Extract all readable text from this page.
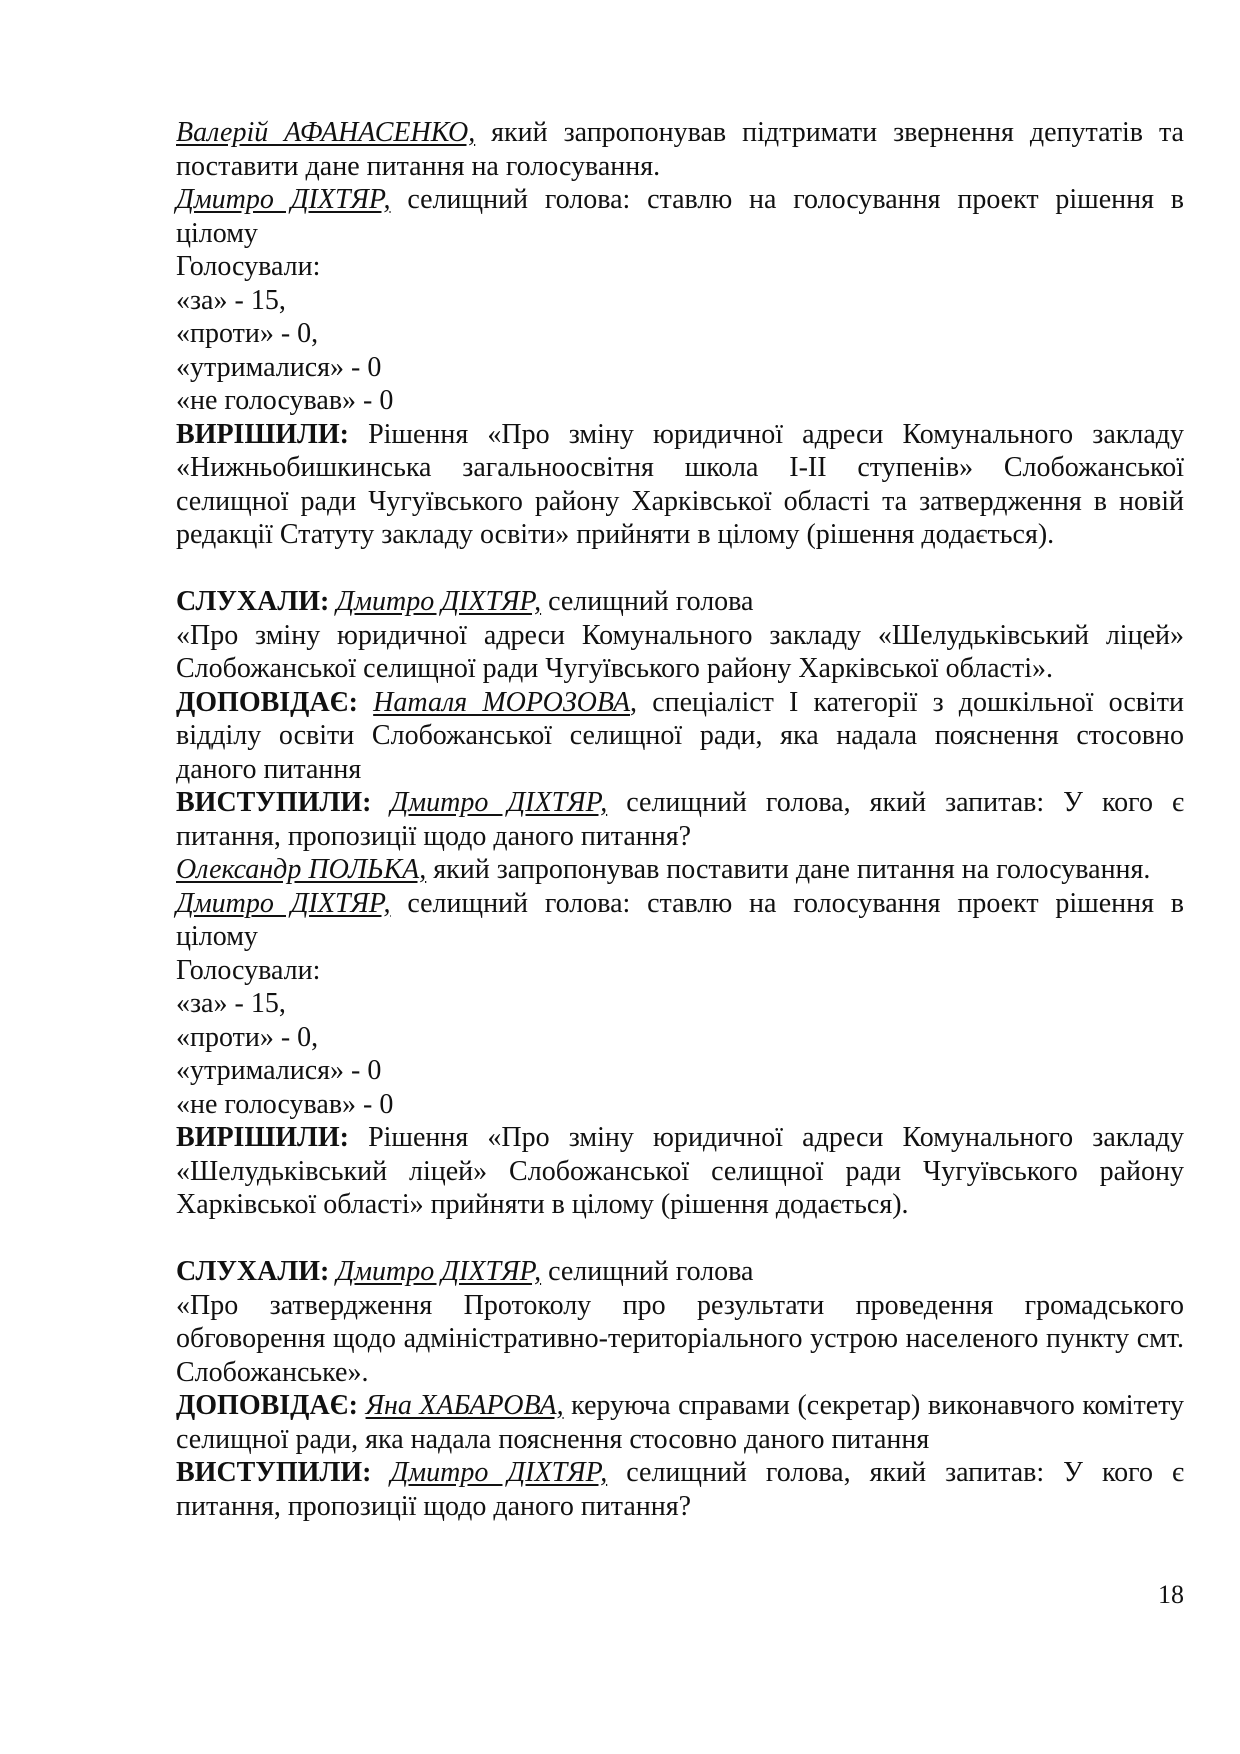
Валерій АФАНАСЕНКО, який запропонував підтримати звернення депутатів та поставити дане питання на голосування.

Дмитро ДІХТЯР, селищний голова: ставлю на голосування проект рішення в цілому

Голосували:

«за» - 15,

«проти» - 0,

«утрималися» - 0

«не голосував» - 0

ВИРІШИЛИ: Рішення «Про зміну юридичної адреси Комунального закладу «Нижньобишкинська загальноосвітня школа І-ІІ ступенів» Слобожанської селищної ради Чугуївського району Харківської області та затвердження в новій редакції Статуту закладу освіти» прийняти в цілому (рішення додається).

СЛУХАЛИ: Дмитро ДІХТЯР, селищний голова

«Про зміну юридичної адреси Комунального закладу «Шелудьківський ліцей» Слобожанської селищної ради Чугуївського району Харківської області».

ДОПОВІДАЄ: Наталя МОРОЗОВА, спеціаліст І категорії з дошкільної освіти відділу освіти Слобожанської селищної ради, яка надала пояснення стосовно даного питання

ВИСТУПИЛИ: Дмитро ДІХТЯР, селищний голова, який запитав: У кого є питання, пропозиції щодо даного питання?

Олександр ПОЛЬКА, який запропонував поставити дане питання на голосування.

Дмитро ДІХТЯР, селищний голова: ставлю на голосування проект рішення в цілому

Голосували:

«за» - 15,

«проти» - 0,

«утрималися» - 0

«не голосував» - 0

ВИРІШИЛИ: Рішення «Про зміну юридичної адреси Комунального закладу «Шелудьківський ліцей» Слобожанської селищної ради Чугуївського району Харківської області» прийняти в цілому (рішення додається).

СЛУХАЛИ: Дмитро ДІХТЯР, селищний голова

«Про затвердження Протоколу про результати проведення громадського обговорення щодо адміністративно-територіального устрою населеного пункту смт. Слобожанське».

ДОПОВІДАЄ: Яна ХАБАРОВА, керуюча справами (секретар) виконавчого комітету селищної ради, яка надала пояснення стосовно даного питання

ВИСТУПИЛИ: Дмитро ДІХТЯР, селищний голова, який запитав: У кого є питання, пропозиції щодо даного питання?

18
